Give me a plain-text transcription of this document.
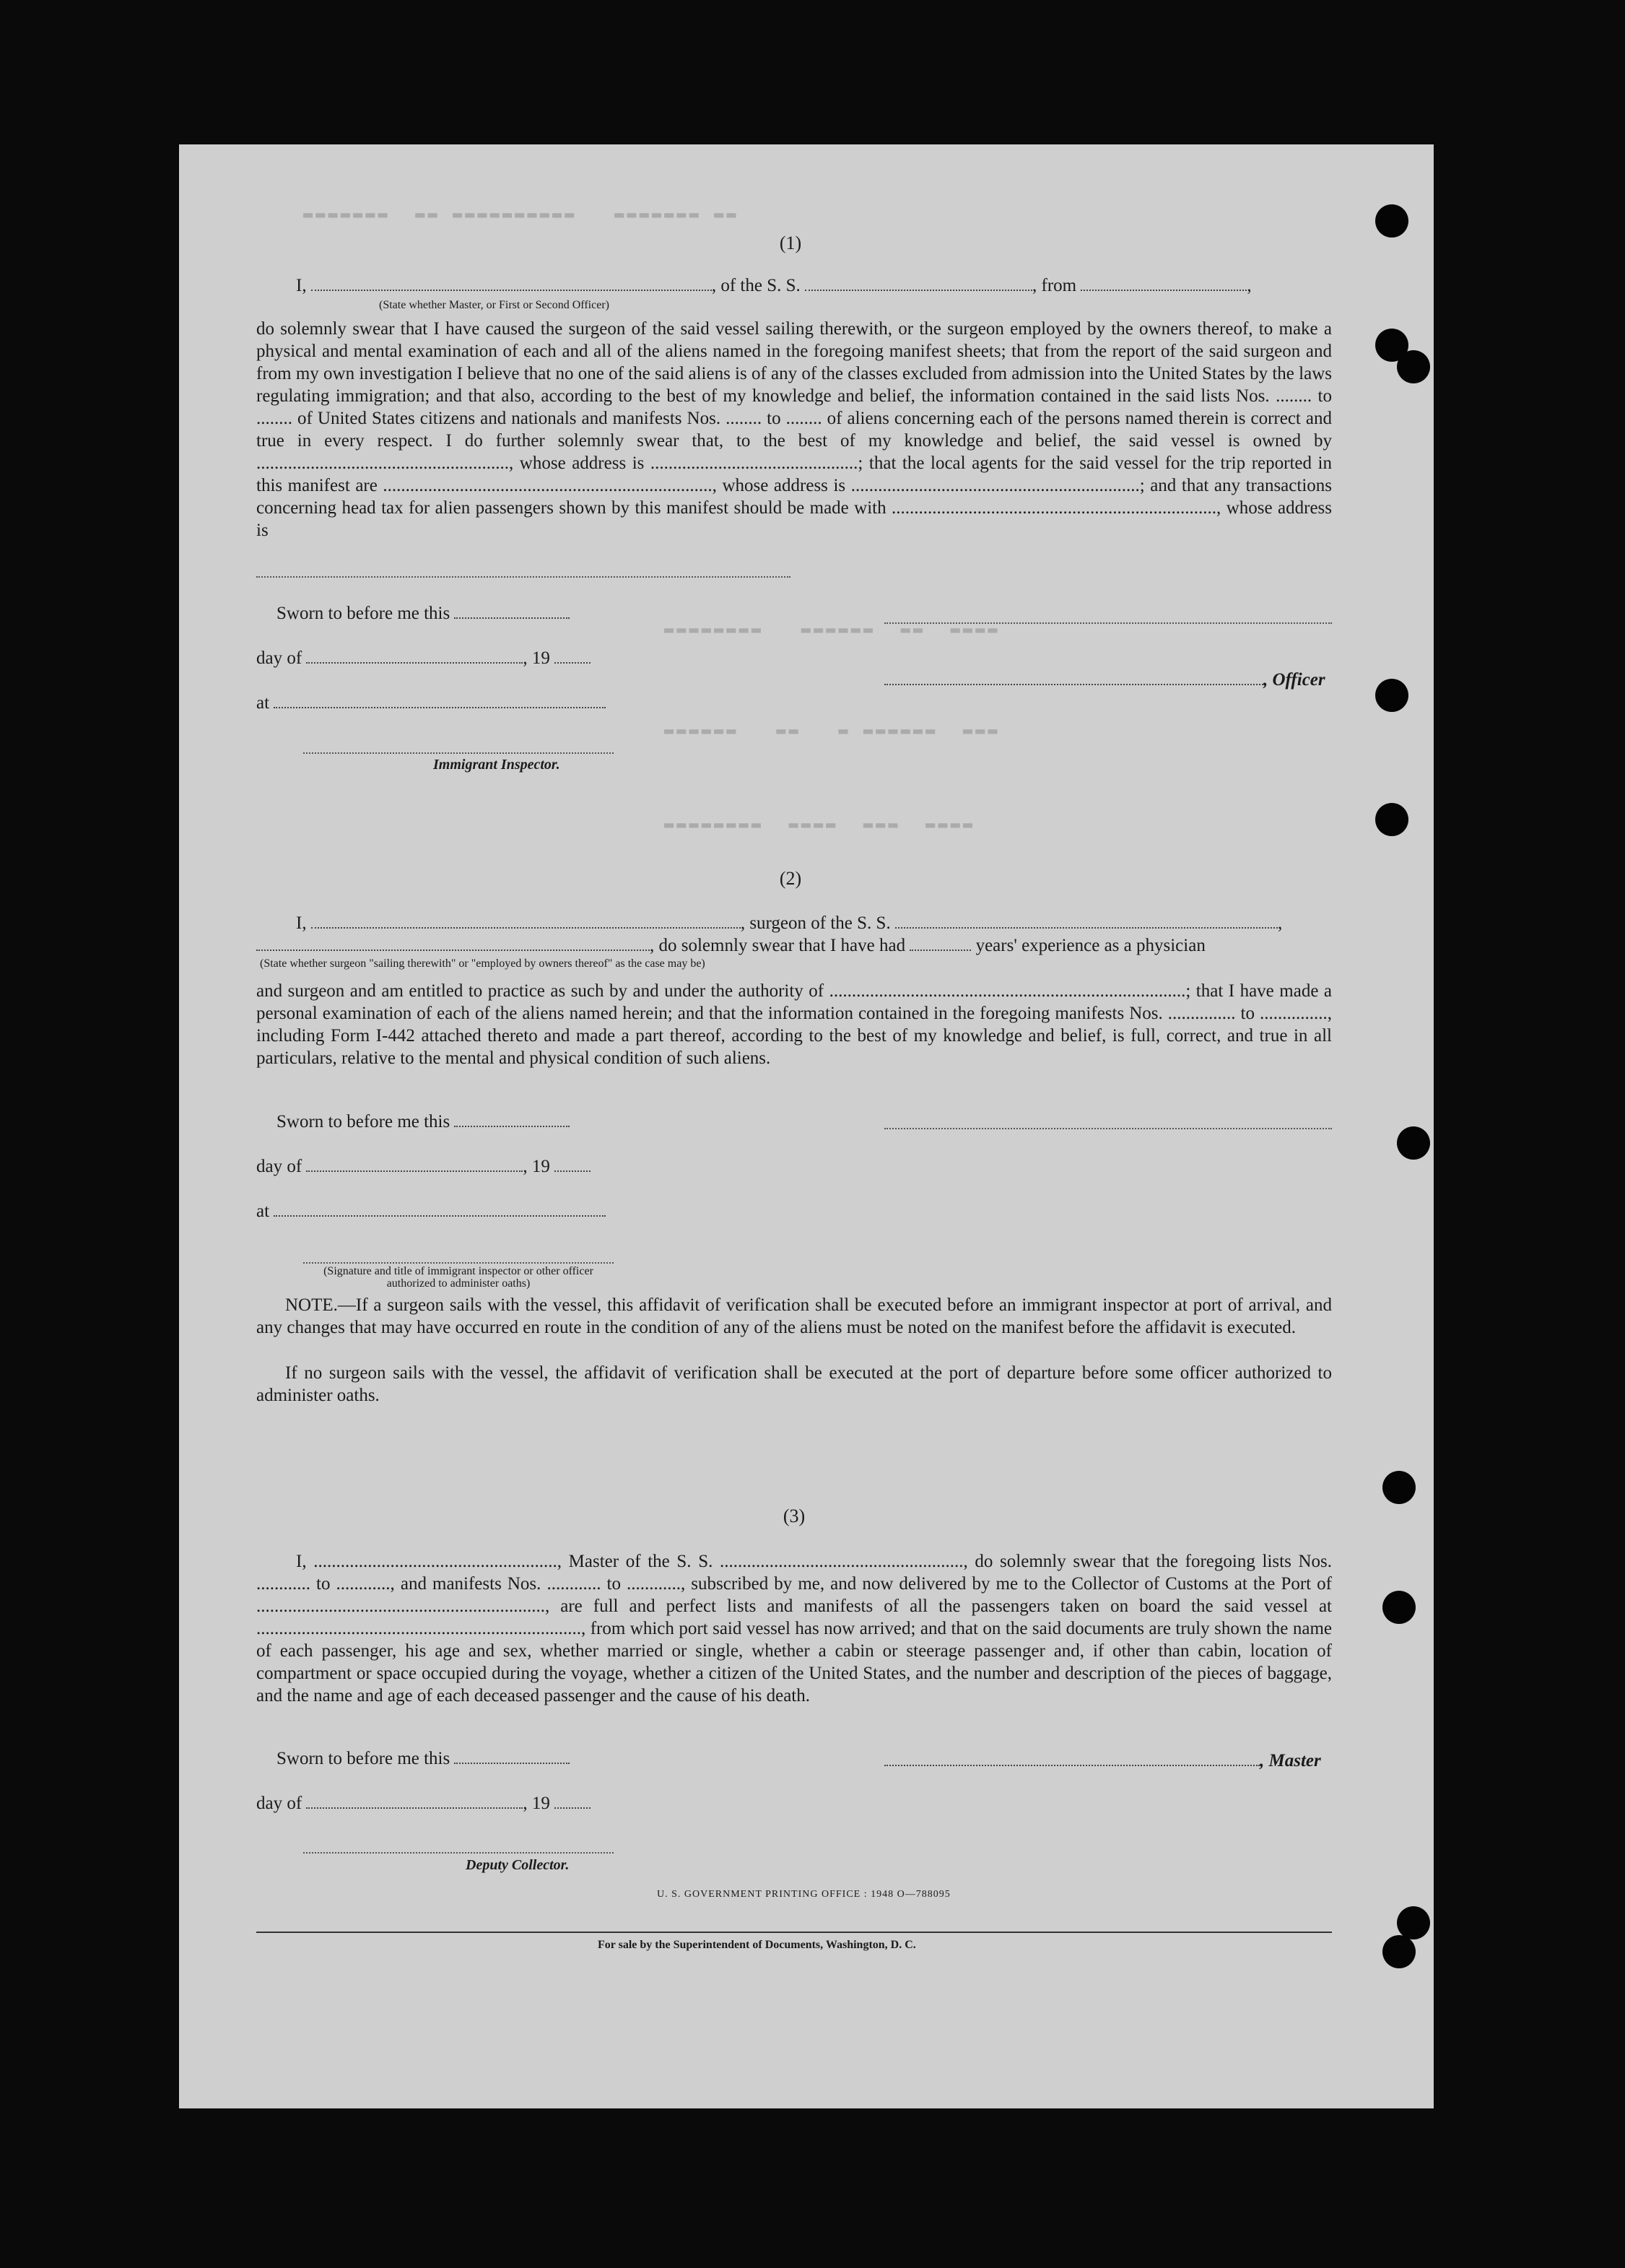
▬▬▬▬▬▬▬  ▬▬ ▬▬▬▬▬▬▬▬▬▬   ▬▬▬▬▬▬▬ ▬▬
▬▬▬▬▬▬▬▬   ▬▬▬▬▬▬  ▬▬  ▬▬▬▬
▬▬▬▬▬▬   ▬▬   ▬ ▬▬▬▬▬▬  ▬▬▬
▬▬▬▬▬▬▬▬  ▬▬▬▬  ▬▬▬  ▬▬▬▬
(1)
I,	, of the S. S.	, from	,
(State whether Master, or First or Second Officer)
do solemnly swear that I have caused the surgeon of the said vessel sailing therewith, or the surgeon employed by the owners thereof, to make a physical and mental examination of each and all of the aliens named in the foregoing manifest sheets; that from the report of the said surgeon and from my own investigation I believe that no one of the said aliens is of any of the classes excluded from admission into the United States by the laws regulating immigration; and that also, according to the best of my knowledge and belief, the information contained in the said lists Nos. ........ to ........ of United States citizens and nationals and manifests Nos. ........ to ........ of aliens concerning each of the persons named therein is correct and true in every respect. I do further solemnly swear that, to the best of my knowledge and belief, the said vessel is owned by ........................................................, whose address is ..............................................; that the local agents for the said vessel for the trip reported in this manifest are ........................................................................., whose address is ................................................................; and that any transactions concerning head tax for alien passengers shown by this manifest should be made with ........................................................................, whose address is
Sworn to before me this
day of	, 19
, Officer
at
Immigrant Inspector.
(2)
I,	, surgeon of the S. S.	,
, do solemnly swear that I have had	years' experience as a physician
(State whether surgeon "sailing therewith" or "employed by owners thereof" as the case may be)
and surgeon and am entitled to practice as such by and under the authority of ...............................................................................; that I have made a personal examination of each of the aliens named herein; and that the information contained in the foregoing manifests Nos. ............... to ..............., including Form I-442 attached thereto and made a part thereof, according to the best of my knowledge and belief, is full, correct, and true in all particulars, relative to the mental and physical condition of such aliens.
Sworn to before me this
day of	, 19
at
(Signature and title of immigrant inspector or other officer authorized to administer oaths)
NOTE.—If a surgeon sails with the vessel, this affidavit of verification shall be executed before an immigrant inspector at port of arrival, and any changes that may have occurred en route in the condition of any of the aliens must be noted on the manifest before the affidavit is executed.
If no surgeon sails with the vessel, the affidavit of verification shall be executed at the port of departure before some officer authorized to administer oaths.
(3)
I, ......................................................, Master of the S. S. ......................................................, do solemnly swear that the foregoing lists Nos. ............ to ............, and manifests Nos. ............ to ............, subscribed by me, and now delivered by me to the Collector of Customs at the Port of ................................................................, are full and perfect lists and manifests of all the passengers taken on board the said vessel at ........................................................................, from which port said vessel has now arrived; and that on the said documents are truly shown the name of each passenger, his age and sex, whether married or single, whether a cabin or steerage passenger and, if other than cabin, location of compartment or space occupied during the voyage, whether a citizen of the United States, and the number and description of the pieces of baggage, and the name and age of each deceased passenger and the cause of his death.
Sworn to before me this	, Master
day of	, 19
Deputy Collector.
U. S. GOVERNMENT PRINTING OFFICE : 1948 O—788095
For sale by the Superintendent of Documents, Washington, D. C.
